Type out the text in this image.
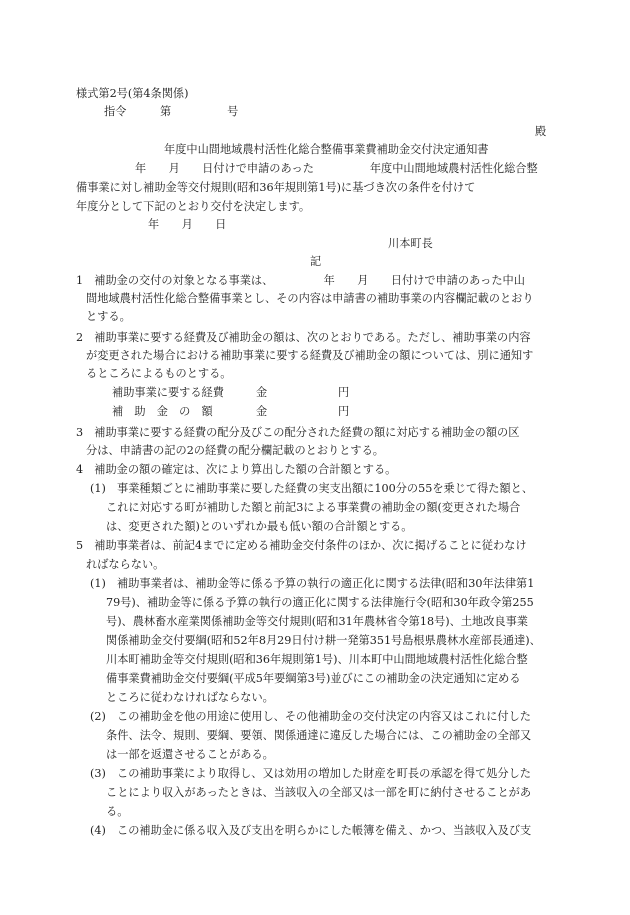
様式第2号(第4条関係)

指令　　　第　　　　　号

殿

年度中山間地域農村活性化総合整備事業費補助金交付決定通知書

年　　月　　日付けで申請のあった　　　　　年度中山間地域農村活性化総合整

備事業に対し補助金等交付規則(昭和36年規則第1号)に基づき次の条件を付けて

年度分として下記のとおり交付を決定します。

年　　月　　日

川本町長

記

1　補助金の交付の対象となる事業は、　　　　　年　　月　　日付けで申請のあった中山

間地域農村活性化総合整備事業とし、その内容は申請書の補助事業の内容欄記載のとおり

とする。

2　補助事業に要する経費及び補助金の額は、次のとおりである。ただし、補助事業の内容

が変更された場合における補助事業に要する経費及び補助金の額については、別に通知す

るところによるものとする。

補助事業に要する経費	金	円

補　助　金　の　額	金	円

3　補助事業に要する経費の配分及びこの配分された経費の額に対応する補助金の額の区

分は、申請書の記の2の経費の配分欄記載のとおりとする。

4　補助金の額の確定は、次により算出した額の合計額とする。

(1)　事業種類ごとに補助事業に要した経費の実支出額に100分の55を乗じて得た額と、

これに対応する町が補助した額と前記3による事業費の補助金の額(変更された場合

は、変更された額)とのいずれか最も低い額の合計額とする。

5　補助事業者は、前記4までに定める補助金交付条件のほか、次に掲げることに従わなけ

ればならない。

(1)　補助事業者は、補助金等に係る予算の執行の適正化に関する法律(昭和30年法律第1

79号)、補助金等に係る予算の執行の適正化に関する法律施行令(昭和30年政令第255

号)、農林畜水産業関係補助金等交付規則(昭和31年農林省令第18号)、土地改良事業

関係補助金交付要綱(昭和52年8月29日付け耕一発第351号島根県農林水産部長通達)、

川本町補助金等交付規則(昭和36年規則第1号)、川本町中山間地域農村活性化総合整

備事業費補助金交付要綱(平成5年要綱第3号)並びにこの補助金の決定通知に定める

ところに従わなければならない。

(2)　この補助金を他の用途に使用し、その他補助金の交付決定の内容又はこれに付した

条件、法令、規則、要綱、要領、関係通達に違反した場合には、この補助金の全部又

は一部を返還させることがある。

(3)　この補助事業により取得し、又は効用の増加した財産を町長の承認を得て処分した

ことにより収入があったときは、当該収入の全部又は一部を町に納付させることがあ

る。

(4)　この補助金に係る収入及び支出を明らかにした帳簿を備え、かつ、当該収入及び支
